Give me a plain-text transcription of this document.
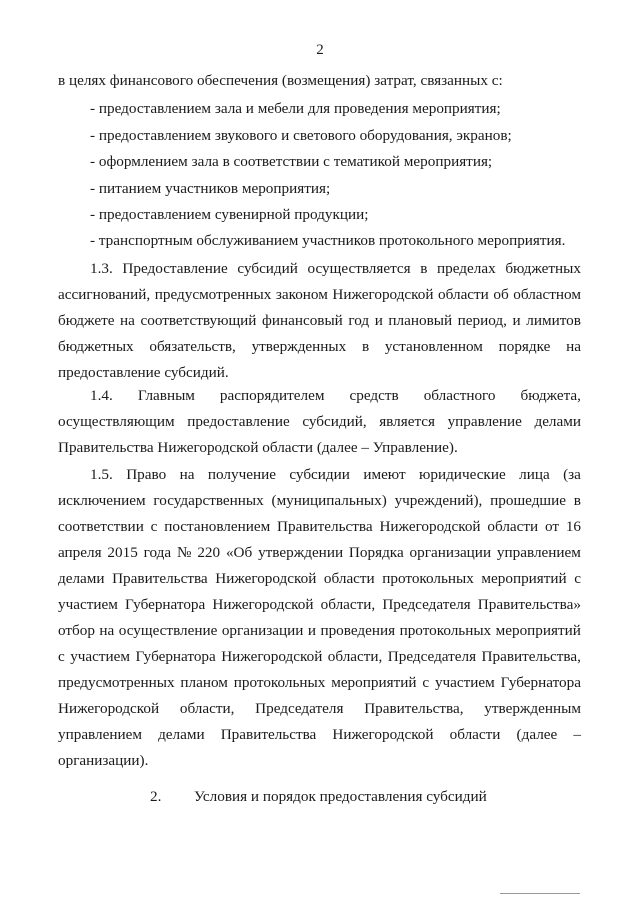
2
в целях финансового обеспечения (возмещения) затрат, связанных с:
- предоставлением зала и мебели для проведения мероприятия;
- предоставлением звукового и светового оборудования, экранов;
- оформлением зала в соответствии с тематикой мероприятия;
- питанием участников мероприятия;
- предоставлением сувенирной продукции;
- транспортным обслуживанием участников протокольного мероприятия.
1.3. Предоставление субсидий осуществляется в пределах бюджетных
ассигнований, предусмотренных законом Нижегородской области об областном
бюджете на соответствующий финансовый год и плановый период, и лимитов
бюджетных обязательств, утвержденных в установленном порядке на
предоставление субсидий.
1.4. Главным распорядителем средств областного бюджета,
осуществляющим предоставление субсидий, является управление делами
Правительства Нижегородской области (далее – Управление).
1.5. Право на получение субсидии имеют юридические лица (за
исключением государственных (муниципальных) учреждений), прошедшие в
соответствии с постановлением Правительства Нижегородской области от 16
апреля 2015 года № 220 «Об утверждении Порядка организации управлением
делами Правительства Нижегородской области протокольных мероприятий с
участием Губернатора Нижегородской области, Председателя Правительства»
отбор на осуществление организации и проведения протокольных мероприятий
с участием Губернатора Нижегородской области, Председателя Правительства,
предусмотренных планом протокольных мероприятий с участием Губернатора
Нижегородской области, Председателя Правительства, утвержденным
управлением делами Правительства Нижегородской области (далее –
организации).
2. Условия и порядок предоставления субсидий
